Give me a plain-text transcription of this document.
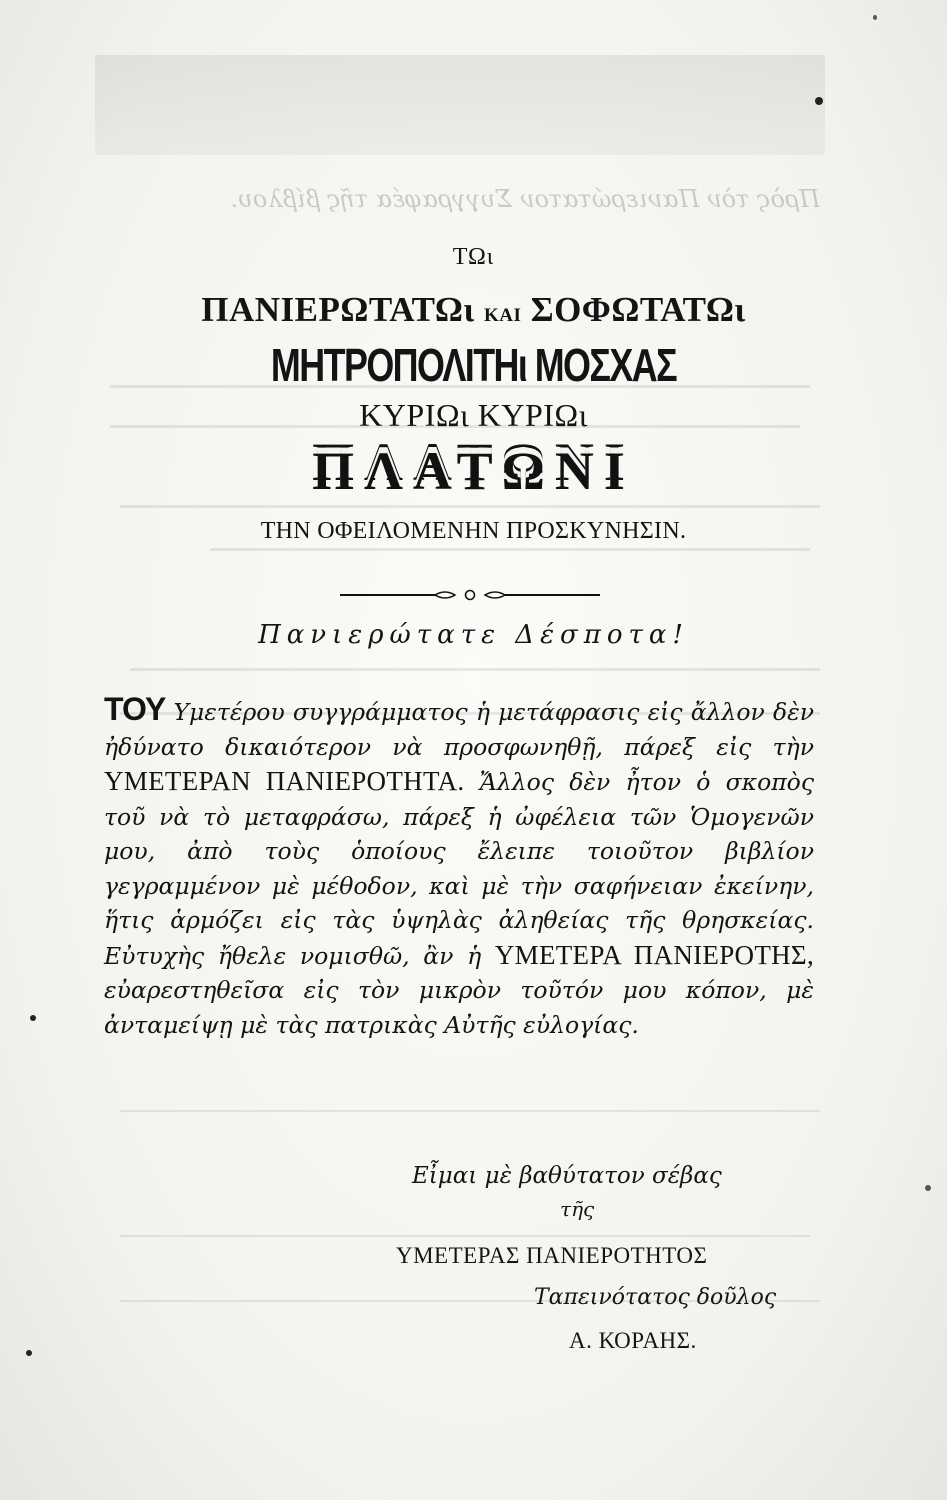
Πρὸς τὸν Πανιερώτατον Συγγραφέα τῆς βίβλου.
ΤΩι
ΠΑΝΙΕΡΩΤΑΤΩι ΚΑΙ ΣΟΦΩΤΑΤΩι
ΜΗΤΡΟΠΟΛΙΤΗι ΜΟΣΧΑΣ
ΚΥΡΙΩι ΚΥΡΙΩι
ΠΛΑΤΩΝΙ
ΤΗΝ ΟΦΕΙΛΟΜΕΝΗΝ ΠΡΟΣΚΥΝΗΣΙΝ.
Πανιερώτατε Δέσποτα!
ΤΟΥ Υμετέρου συγγράμματος ἡ μετάφρασις εἰς ἄλλον δὲν ἠδύνατο δικαιότερον νὰ προσφωνηθῇ, πάρεξ εἰς τὴν ΥΜΕΤΕΡΑΝ ΠΑΝΙΕΡΟΤΗΤΑ. Ἄλλος δὲν ἦτον ὁ σκοπὸς τοῦ νὰ τὸ μεταφράσω, πάρεξ ἡ ὠφέλεια τῶν Ὁμογενῶν μου, ἀπὸ τοὺς ὁποίους ἔλειπε τοιοῦτον βιβλίον γεγραμμένον μὲ μέθοδον, καὶ μὲ τὴν σαφήνειαν ἐκείνην, ἥτις ἁρμόζει εἰς τὰς ὑψηλὰς ἀληθείας τῆς θρησκείας. Εὐτυχὴς ἤθελε νομισθῶ, ἂν ἡ ΥΜΕΤΕΡΑ ΠΑΝΙΕΡΟΤΗΣ, εὐαρεστηθεῖσα εἰς τὸν μικρὸν τοῦτόν μου κόπον, μὲ ἀνταμείψῃ μὲ τὰς πατρικὰς Αὐτῆς εὐλογίας.
Εἶμαι μὲ βαθύτατον σέβας
τῆς
ΥΜΕΤΕΡΑΣ ΠΑΝΙΕΡΟΤΗΤΟΣ
Ταπεινότατος δοῦλος
Α. ΚΟΡΑΗΣ.
